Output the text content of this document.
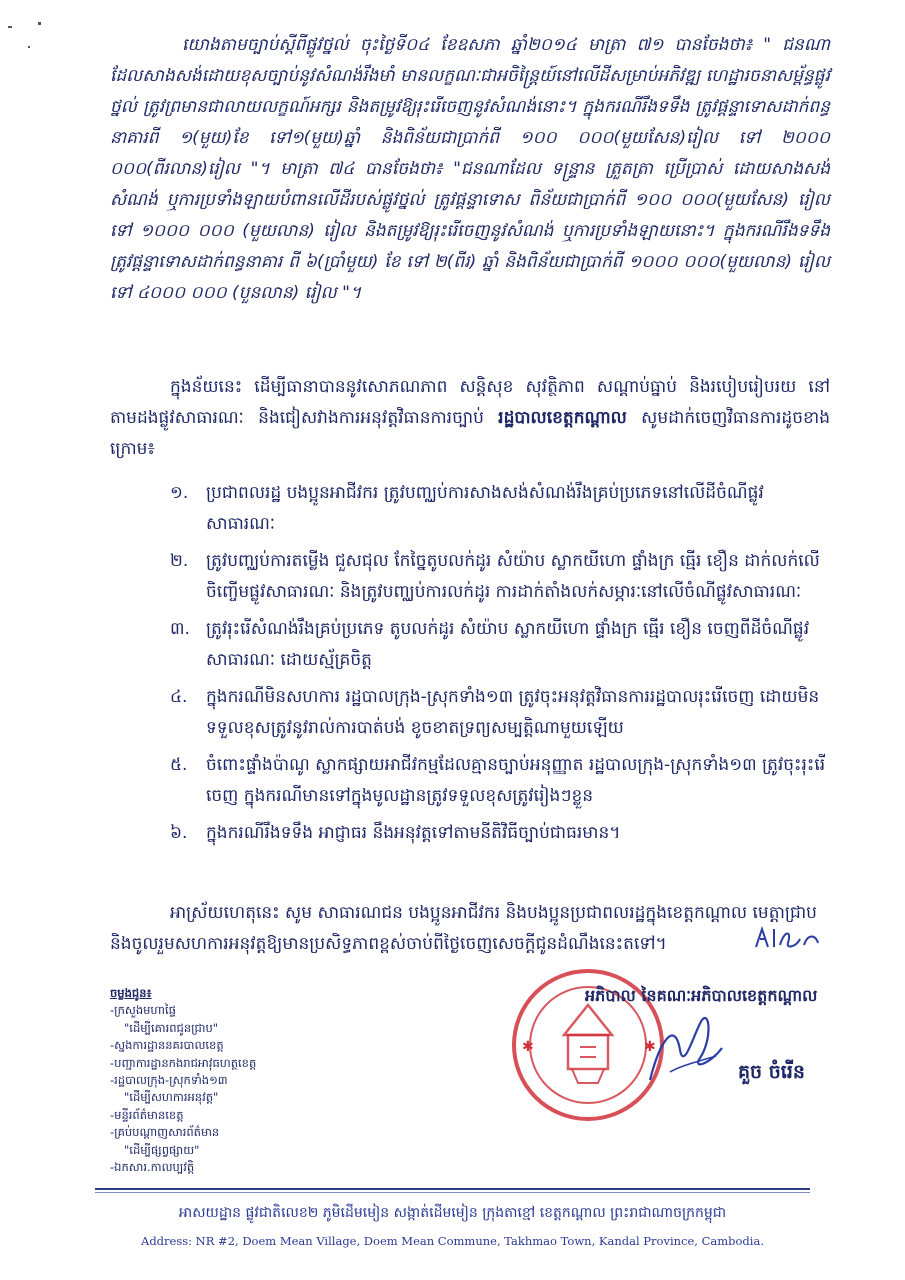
យោងតាមច្បាប់ស្តីពីផ្លូវថ្នល់ ចុះថ្ងៃទី០៤ ខែឧសភា ឆ្នាំ២០១៤ មាត្រា ៧១ បានចែងថា៖ " ជនណាដែលសាងសង់ដោយខុសច្បាប់នូវសំណង់រឹងមាំ មានលក្ខណៈជាអចិន្ត្រៃយ៍នៅលើដីសម្រាប់អភិវឌ្ឍ ហេដ្ឋារចនាសម្ព័ន្ធផ្លូវថ្នល់ ត្រូវព្រមានជាលាយលក្ខណ៍អក្សរ និងតម្រូវឱ្យរុះរើចេញនូវសំណង់នោះ។ ក្នុងករណីរឹងទទឹង ត្រូវផ្តន្ទាទោសដាក់ពន្ធនាគារពី ១(មួយ)ខែ ទៅ១(មួយ)ឆ្នាំ និងពិន័យជាប្រាក់ពី ១០០ ០០០(មួយសែន)រៀល ទៅ ២០០០ ០០០(ពីរលាន)រៀល "។ មាត្រា ៧៤ បានចែងថា៖ "ជនណាដែល ទន្ទ្រាន ត្រួតត្រា ប្រើប្រាស់ ដោយសាងសង់សំណង់ ឬការប្រទាំងឡាយបំពានលើដីរបស់ផ្លូវថ្នល់ ត្រូវផ្តន្ទាទោស ពិន័យជាប្រាក់ពី ១០០ ០០០(មួយសែន) រៀល ទៅ ១០០០ ០០០ (មួយលាន) រៀល និងតម្រូវឱ្យរុះរើចេញនូវសំណង់ ឬការប្រទាំងឡាយនោះ។ ក្នុងករណីរឹងទទឹង ត្រូវផ្តន្ទាទោសដាក់ពន្ធនាគារ ពី ៦(ប្រាំមួយ) ខែ ទៅ ២(ពីរ) ឆ្នាំ និងពិន័យជាប្រាក់ពី ១០០០ ០០០(មួយលាន) រៀល ទៅ ៤០០០ ០០០ (បួនលាន) រៀល "។

ក្នុងន័យនេះ ដើម្បីធានាបាននូវសោភណភាព សន្តិសុខ សុវត្ថិភាព សណ្តាប់ធ្នាប់ និងរបៀបរៀបរយ នៅតាមដងផ្លូវសាធារណៈ និងជៀសវាងការអនុវត្តវិធានការច្បាប់ រដ្ឋបាលខេត្តកណ្តាល សូមដាក់ចេញវិធានការដូចខាងក្រោម៖

១.	ប្រជាពលរដ្ឋ បងប្អូនអាជីវករ ត្រូវបញ្ឈប់ការសាងសង់សំណង់រឹងគ្រប់ប្រភេទនៅលើដីចំណីផ្លូវសាធារណៈ
២.	ត្រូវបញ្ឈប់ការតម្លើង ជួសជុល កែច្នៃតូបលក់ដូរ សំយ៉ាប ស្លាកយីហោ ផ្ទាំងក្រ ធ្មើរ ខឿន ដាក់លក់លើចិញ្ចើមផ្លូវសាធារណៈ និងត្រូវបញ្ឈប់ការលក់ដូរ ការដាក់តាំងលក់សម្ភារៈនៅលើចំណីផ្លូវសាធារណៈ
៣. ត្រូវរុះរើសំណង់រឹងគ្រប់ប្រភេទ តូបលក់ដូរ សំយ៉ាប ស្លាកយីហោ ផ្ទាំងក្រ ធ្មើរ ខឿន ចេញពីដីចំណីផ្លូវសាធារណៈ ដោយស្ម័គ្រចិត្ត
៤.	ក្នុងករណីមិនសហការ រដ្ឋបាលក្រុង-ស្រុកទាំង១៣ ត្រូវចុះអនុវត្តវិធានការរដ្ឋបាលរុះរើចេញ ដោយមិនទទួលខុសត្រូវនូវរាល់ការបាត់បង់ ខូចខាតទ្រព្យសម្បត្តិណាមួយឡើយ
៥.	ចំពោះផ្ទាំងប៉ាណូ ស្លាកផ្សាយអាជីវកម្មដែលគ្មានច្បាប់អនុញ្ញាត រដ្ឋបាលក្រុង-ស្រុកទាំង១៣ ត្រូវចុះរុះរើចេញ ក្នុងករណីមានទៅក្នុងមូលដ្ឋានត្រូវទទួលខុសត្រូវរៀងៗខ្លួន
៦.	ក្នុងករណីរឹងទទឹង អាជ្ញាធរ នឹងអនុវត្តទៅតាមនីតិវិធីច្បាប់ជាធរមាន។

អាស្រ័យហេតុនេះ សូម សាធារណជន បងប្អូនអាជីវករ និងបងប្អូនប្រជាពលរដ្ឋក្នុងខេត្តកណ្តាល មេត្តាជ្រាប និងចូលរួមសហការអនុវត្តឱ្យមានប្រសិទ្ធភាពខ្ពស់ចាប់ពីថ្ងៃចេញសេចក្តីជូនដំណឹងនេះតទៅ។

ចម្លងជូន៖
-ក្រសួងមហាផ្ទៃ
"ដើម្បីគោរពជូនជ្រាប"
-ស្នងការដ្ឋាននគរបាលខេត្ត
-បញ្ជាការដ្ឋានកងរាជអាវុធហត្ថខេត្ត
-រដ្ឋបាលក្រុង-ស្រុកទាំង១៣
"ដើម្បីសហការអនុវត្ត"
-មន្ទីរព័ត៌មានខេត្ត
-គ្រប់បណ្តាញសារព័ត៌មាន
"ដើម្បីផ្សព្វផ្សាយ"
-ឯកសារ.កាលប្បវត្តិ
✱	✱
អភិបាល នៃគណៈអភិបាលខេត្តកណ្តាល
គួច ចំរើន
អាសយដ្ឋាន ផ្លូវជាតិលេខ២ ភូមិដើមមៀន សង្កាត់ដើមមៀន ក្រុងតាខ្មៅ ខេត្តកណ្តាល ព្រះរាជាណាចក្រកម្ពុជា
Address: NR #2, Doem Mean Village, Doem Mean Commune, Takhmao Town, Kandal Province, Cambodia.
